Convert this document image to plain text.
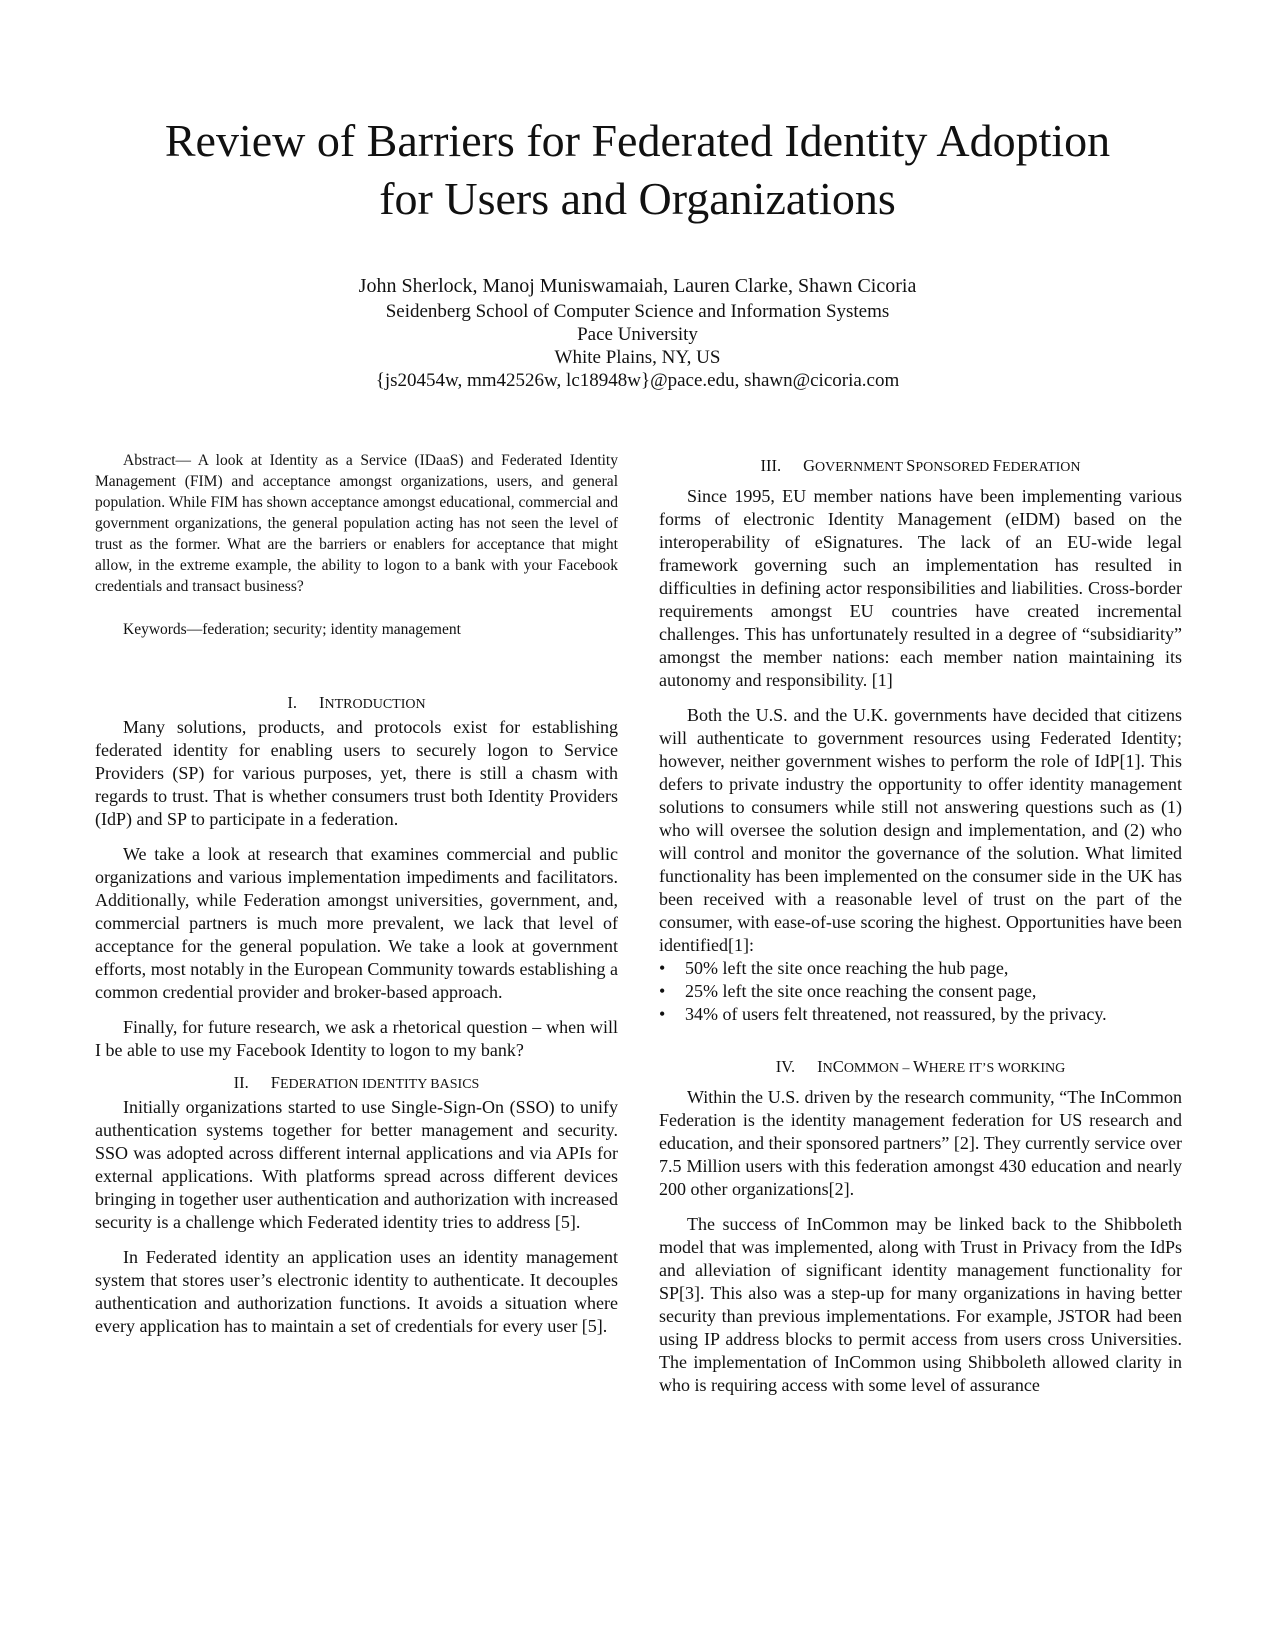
Review of Barriers for Federated Identity Adoption
for Users and Organizations
John Sherlock, Manoj Muniswamaiah, Lauren Clarke, Shawn Cicoria
Seidenberg School of Computer Science and Information Systems
Pace University
White Plains, NY, US
{js20454w, mm42526w, lc18948w}@pace.edu, shawn@cicoria.com

Abstract— A look at Identity as a Service (IDaaS) and Federated Identity Management (FIM) and acceptance amongst organizations, users, and general population. While FIM has shown acceptance amongst educational, commercial and government organizations, the general population acting has not seen the level of trust as the former. What are the barriers or enablers for acceptance that might allow, in the extreme example, the ability to logon to a bank with your Facebook credentials and transact business?

Keywords—federation; security; identity management

I. INTRODUCTION

Many solutions, products, and protocols exist for establishing federated identity for enabling users to securely logon to Service Providers (SP) for various purposes, yet, there is still a chasm with regards to trust. That is whether consumers trust both Identity Providers (IdP) and SP to participate in a federation.

We take a look at research that examines commercial and public organizations and various implementation impediments and facilitators. Additionally, while Federation amongst universities, government, and, commercial partners is much more prevalent, we lack that level of acceptance for the general population. We take a look at government efforts, most notably in the European Community towards establishing a common credential provider and broker-based approach.

Finally, for future research, we ask a rhetorical question – when will I be able to use my Facebook Identity to logon to my bank?

II. FEDERATION IDENTITY BASICS

Initially organizations started to use Single-Sign-On (SSO) to unify authentication systems together for better management and security. SSO was adopted across different internal applications and via APIs for external applications. With platforms spread across different devices bringing in together user authentication and authorization with increased security is a challenge which Federated identity tries to address [5].

In Federated identity an application uses an identity management system that stores user’s electronic identity to authenticate. It decouples authentication and authorization functions. It avoids a situation where every application has to maintain a set of credentials for every user [5].

III. GOVERNMENT SPONSORED FEDERATION

Since 1995, EU member nations have been implementing various forms of electronic Identity Management (eIDM) based on the interoperability of eSignatures. The lack of an EU-wide legal framework governing such an implementation has resulted in difficulties in defining actor responsibilities and liabilities. Cross-border requirements amongst EU countries have created incremental challenges. This has unfortunately resulted in a degree of “subsidiarity” amongst the member nations: each member nation maintaining its autonomy and responsibility. [1]

Both the U.S. and the U.K. governments have decided that citizens will authenticate to government resources using Federated Identity; however, neither government wishes to perform the role of IdP[1]. This defers to private industry the opportunity to offer identity management solutions to consumers while still not answering questions such as (1) who will oversee the solution design and implementation, and (2) who will control and monitor the governance of the solution. What limited functionality has been implemented on the consumer side in the UK has been received with a reasonable level of trust on the part of the consumer, with ease-of-use scoring the highest. Opportunities have been identified[1]:

• 50% left the site once reaching the hub page,
• 25% left the site once reaching the consent page,
• 34% of users felt threatened, not reassured, by the privacy.
IV. INCOMMON – WHERE IT’S WORKING

Within the U.S. driven by the research community, “The InCommon Federation is the identity management federation for US research and education, and their sponsored partners” [2]. They currently service over 7.5 Million users with this federation amongst 430 education and nearly 200 other organizations[2].

The success of InCommon may be linked back to the Shibboleth model that was implemented, along with Trust in Privacy from the IdPs and alleviation of significant identity management functionality for SP[3]. This also was a step-up for many organizations in having better security than previous implementations. For example, JSTOR had been using IP address blocks to permit access from users cross Universities. The implementation of InCommon using Shibboleth allowed clarity in who is requiring access with some level of assurance
